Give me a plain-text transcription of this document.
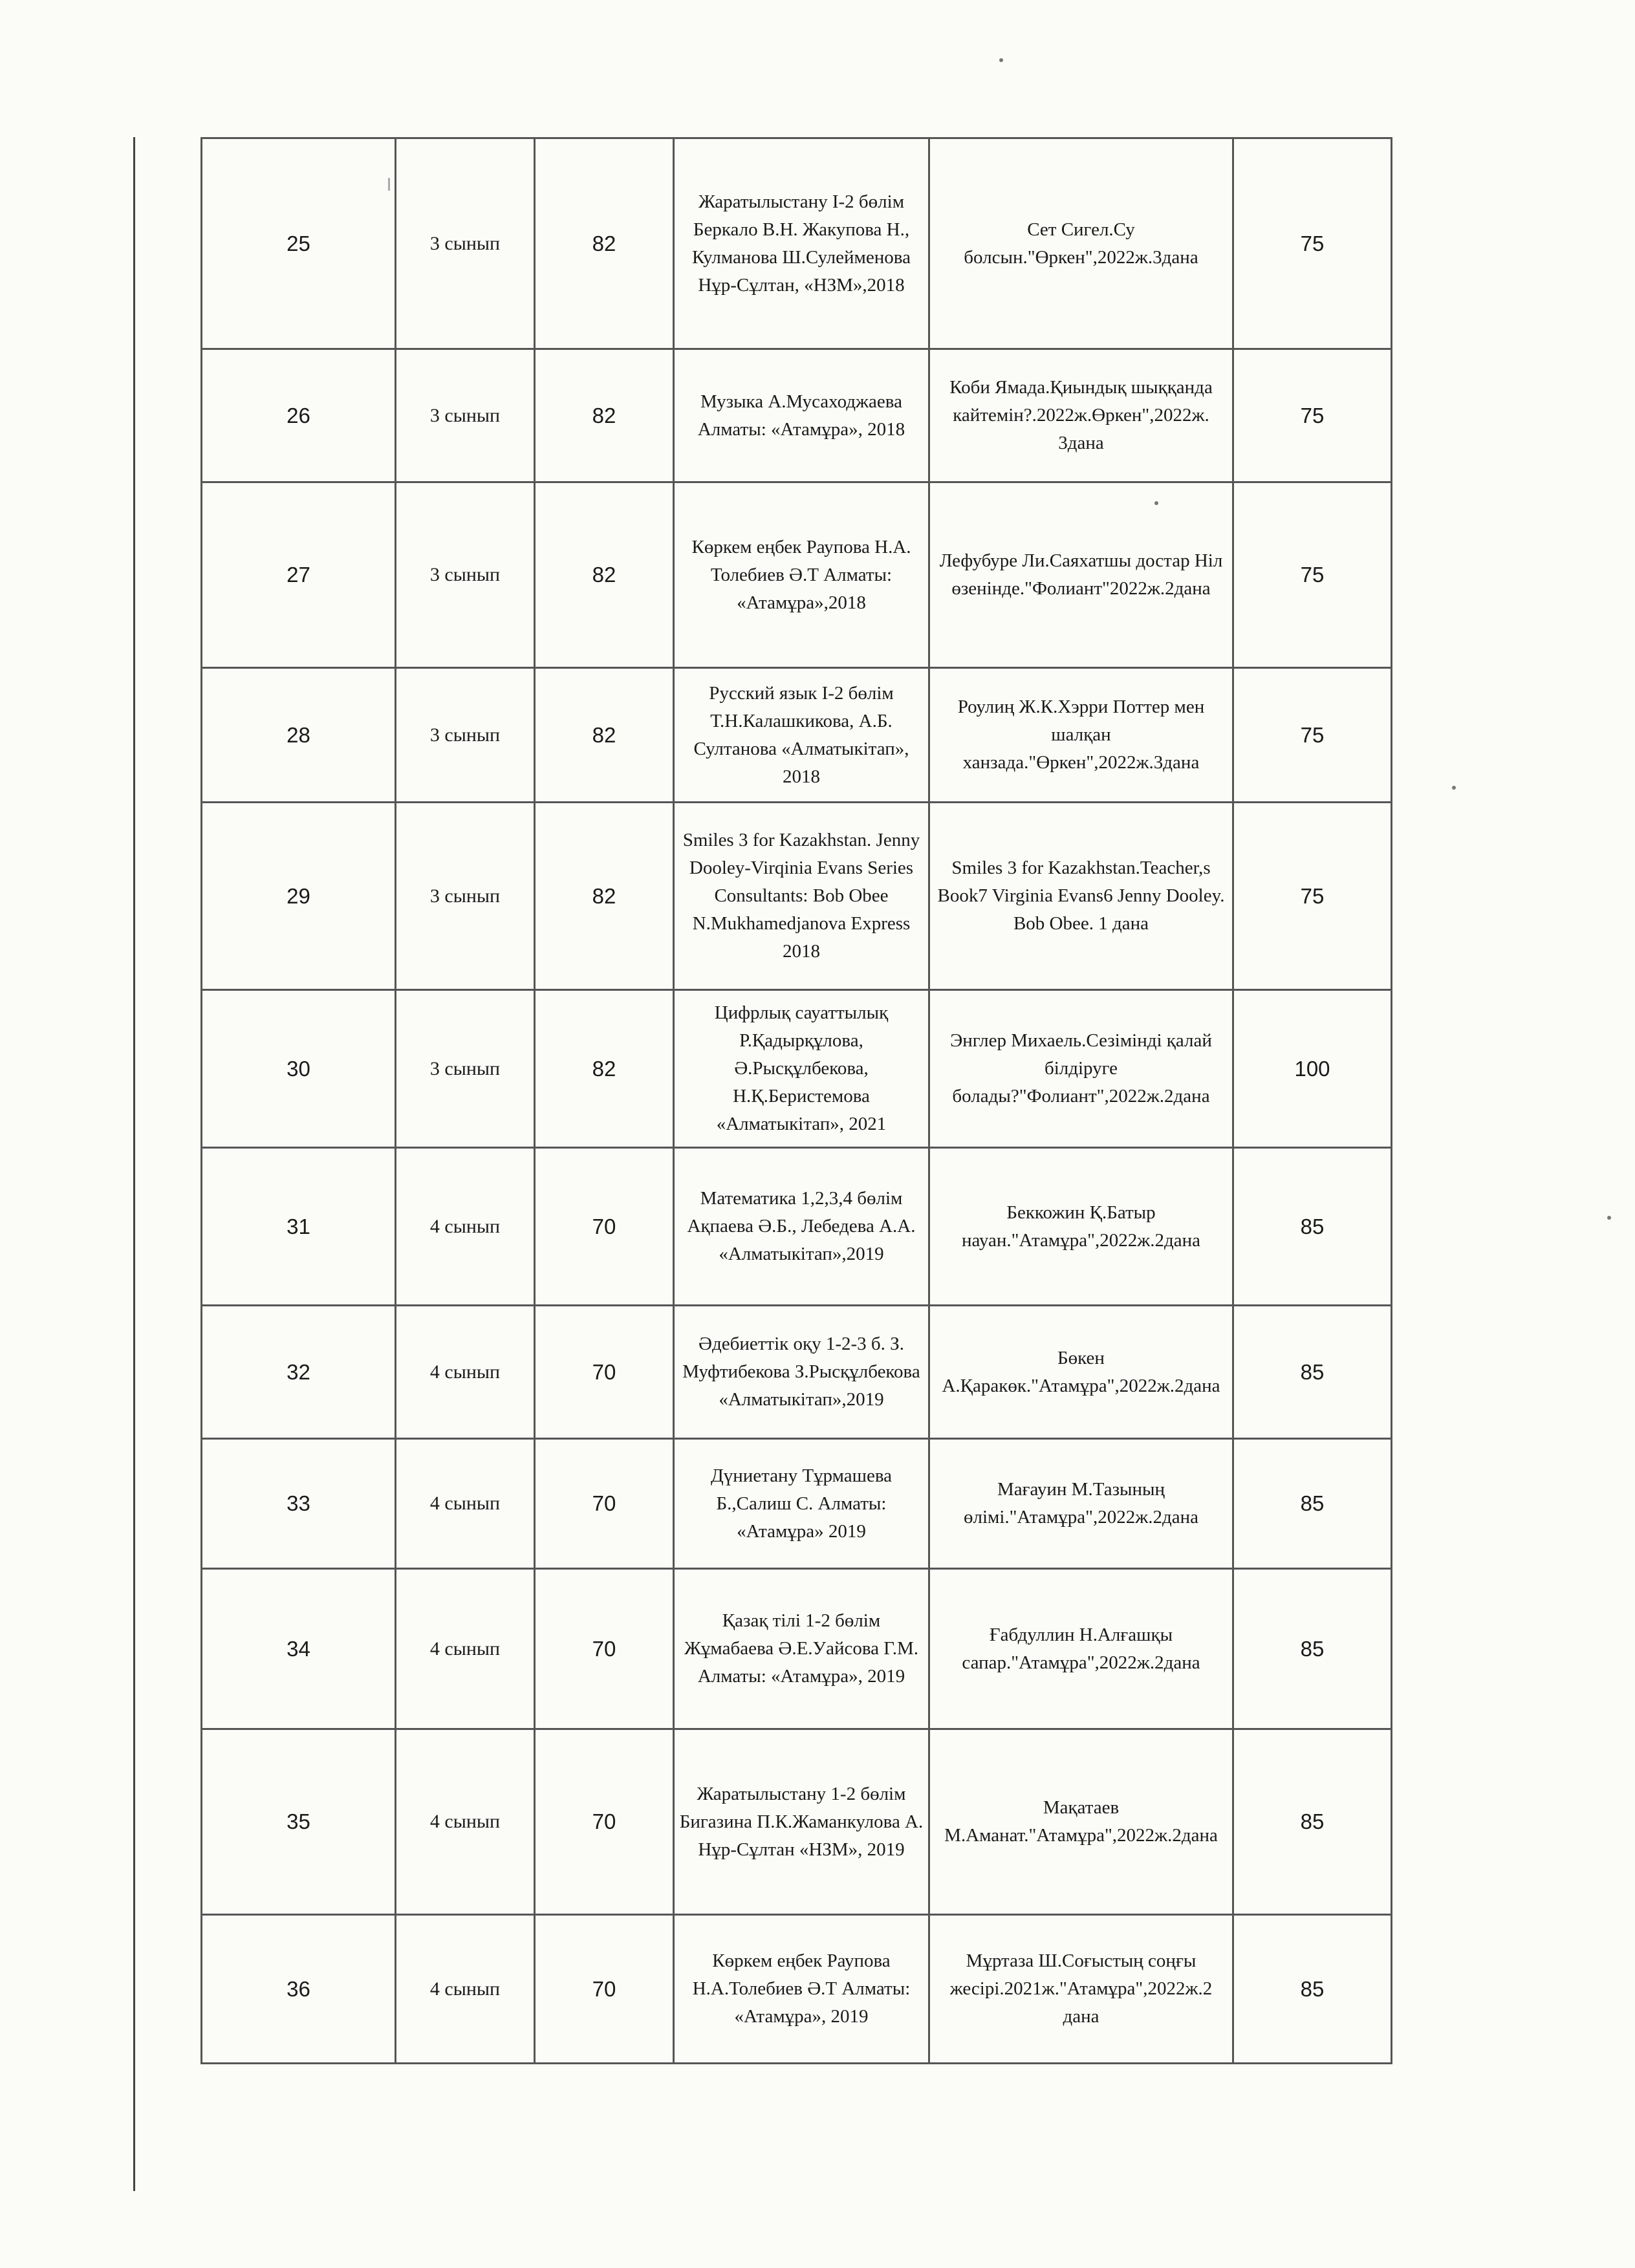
25	3 сынып	82	Жаратылыстану І-2 бөлім Беркало В.Н. Жакупова Н., Кулманова Ш.Сулейменова Нұр-Сұлтан, «НЗМ»,2018	Сет Сигел.Су болсын."Өркен",2022ж.3дана	75
26	3 сынып	82	Музыка А.Мусаходжаева Алматы: «Атамұра», 2018	Коби Ямада.Қиындық шыққанда кайтемін?.2022ж.Өркен",2022ж. 3дана	75
27	3 сынып	82	Көркем еңбек Раупова Н.А. Толебиев Ә.Т Алматы: «Атамұра»,2018	Лефубуре Ли.Саяхатшы достар Ніл өзенінде."Фолиант"2022ж.2дана	75
28	3 сынып	82	Русский язык І-2 бөлім Т.Н.Калашкикова, А.Б. Султанова «Алматыкітап», 2018	Роулиң Ж.К.Хэрри Поттер мен шалқан ханзада."Өркен",2022ж.3дана	75
29	3 сынып	82	Smiles 3 for Kazakhstan. Jenny Dooley-Virqinia Evans Series Consultants: Bob Obee N.Mukhamedjanova Express 2018	Smiles 3 for Kazakhstan.Teacher,s Book7 Virginia Evans6 Jenny Dooley. Bob Obee. 1 дана	75
30	3 сынып	82	Цифрлық сауаттылық Р.Қадырқұлова, Ә.Рысқұлбекова, Н.Қ.Беристемова «Алматыкітап», 2021	Энглер Михаель.Сезімінді қалай білдіруге болады?"Фолиант",2022ж.2дана	100
31	4 сынып	70	Математика 1,2,3,4 бөлім Ақпаева Ә.Б., Лебедева А.А. «Алматыкітап»,2019	Беккожин Қ.Батыр науан."Атамұра",2022ж.2дана	85
32	4 сынып	70	Әдебиеттік оқу 1-2-3 б. З. Муфтибекова З.Рысқұлбекова «Алматыкітап»,2019	Бөкен А.Қаракөк."Атамұра",2022ж.2дана	85
33	4 сынып	70	Дүниетану Тұрмашева Б.,Салиш С. Алматы: «Атамұра» 2019	Мағауин М.Тазының өлімі."Атамұра",2022ж.2дана	85
34	4 сынып	70	Қазақ тілі 1-2 бөлім Жұмабаева Ә.Е.Уайсова Г.М. Алматы: «Атамұра», 2019	Ғабдуллин Н.Алғашқы сапар."Атамұра",2022ж.2дана	85
35	4 сынып	70	Жаратылыстану 1-2 бөлім Бигазина П.К.Жаманкулова А. Нұр-Сұлтан «НЗМ», 2019	Мақатаев М.Аманат."Атамұра",2022ж.2дана	85
36	4 сынып	70	Көркем еңбек Раупова Н.А.Толебиев Ә.Т Алматы: «Атамұра», 2019	Мұртаза Ш.Соғыстың соңғы жесірі.2021ж."Атамұра",2022ж.2 дана	85
